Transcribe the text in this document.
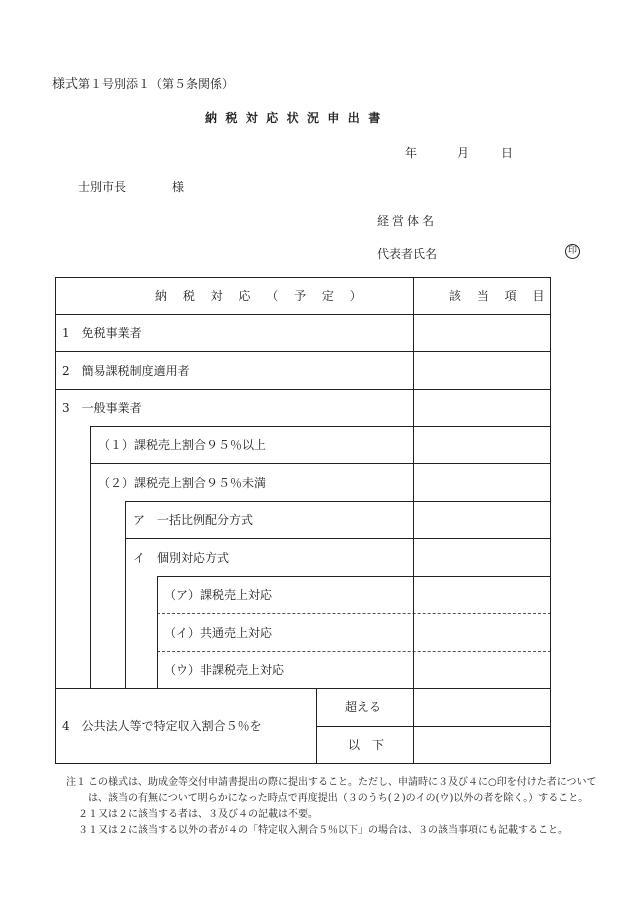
様式第１号別添１（第５条関係）
納税対応状況申出書
年	月	日
士別市長	様
経営体名
代表者氏名	印
納 税 対 応 （ 予 定 ）	該 当 項 目
1　免税事業者
2　簡易課税制度適用者
3　一般事業者
（１）課税売上割合９５％以上
（２）課税売上割合９５％未満
ア　一括比例配分方式
イ　個別対応方式
（ア）課税売上対応
（イ）共通売上対応
（ウ）非課税売上対応
4　公共法人等で特定収入割合５％を
超える
以　下
注１ この様式は、助成金等交付申請書提出の際に提出すること。ただし、申請時に３及び４に○印を付けた者については、該当の有無について明らかになった時点で再度提出（３のうち(２)のイの(ウ)以外の者を除く。）すること。
２ １又は２に該当する者は、３及び４の記載は不要。
３ １又は２に該当する以外の者が４の「特定収入割合５％以下」の場合は、３の該当事項にも記載すること。
